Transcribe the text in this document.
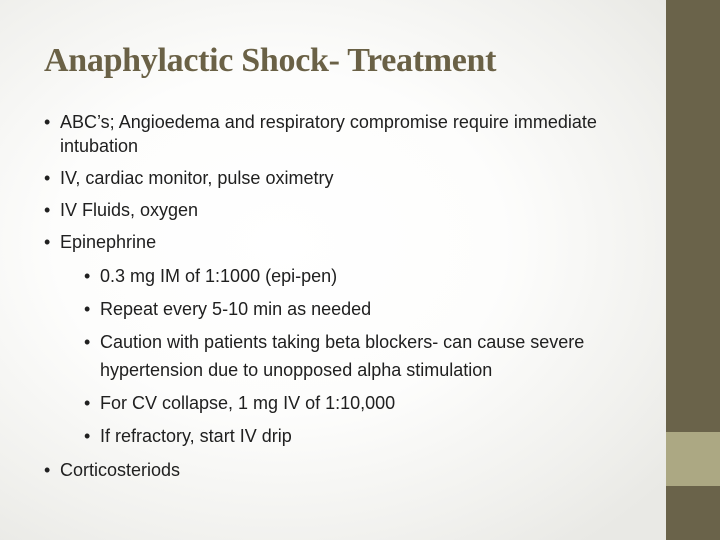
Anaphylactic Shock- Treatment
• ABC’s; Angioedema and respiratory compromise require immediate intubation
• IV, cardiac monitor, pulse oximetry
• IV Fluids, oxygen
• Epinephrine
• 0.3 mg IM of 1:1000 (epi-pen)
• Repeat every 5-10 min as needed
• Caution with patients taking beta blockers- can cause severe hypertension due to unopposed alpha stimulation
• For CV collapse, 1 mg IV of 1:10,000
• If refractory, start IV drip
• Corticosteriods
